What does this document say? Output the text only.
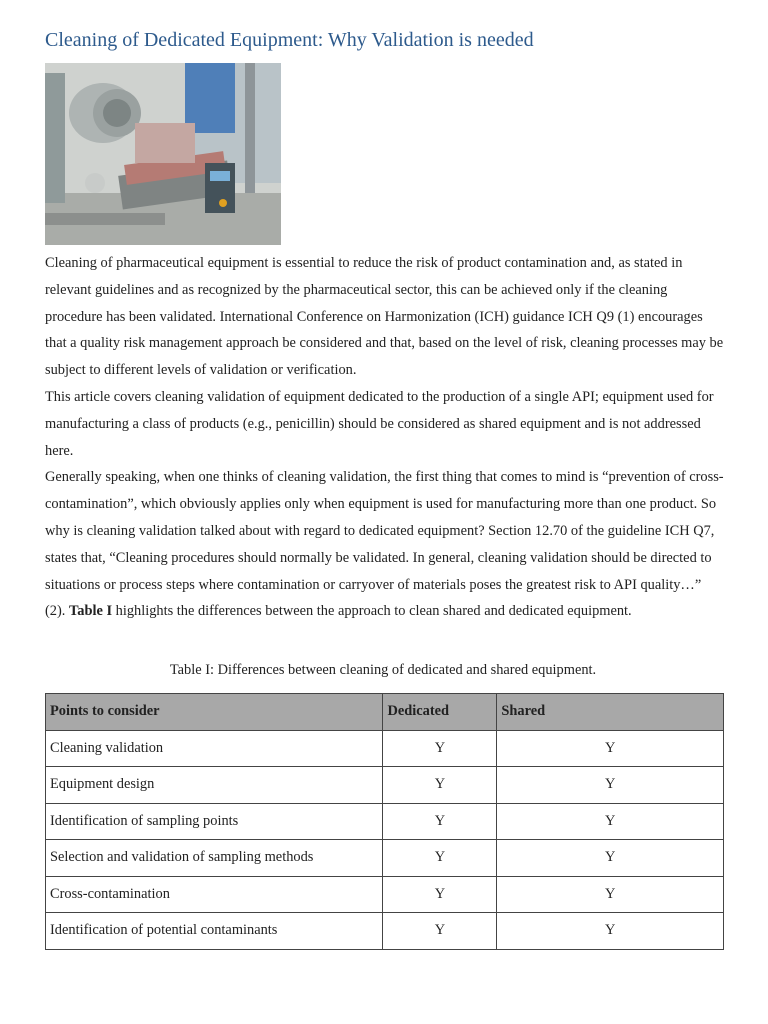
Cleaning of Dedicated Equipment: Why Validation is needed

Cleaning of pharmaceutical equipment is essential to reduce the risk of product contamination and, as stated in relevant guidelines and as recognized by the pharmaceutical sector, this can be achieved only if the cleaning procedure has been validated. International Conference on Harmonization (ICH) guidance ICH Q9 (1) encourages that a quality risk management approach be considered and that, based on the level of risk, cleaning processes may be subject to different levels of validation or verification.

This article covers cleaning validation of equipment dedicated to the production of a single API; equipment used for manufacturing a class of products (e.g., penicillin) should be considered as shared equipment and is not addressed here.

Generally speaking, when one thinks of cleaning validation, the first thing that comes to mind is “prevention of cross-contamination”, which obviously applies only when equipment is used for manufacturing more than one product. So why is cleaning validation talked about with regard to dedicated equipment? Section 12.70 of the guideline ICH Q7, states that, “Cleaning procedures should normally be validated. In general, cleaning validation should be directed to situations or process steps where contamination or carryover of materials poses the greatest risk to API quality…” (2). Table I highlights the differences between the approach to clean shared and dedicated equipment.

Table I: Differences between cleaning of dedicated and shared equipment.

Points to consider	Dedicated	Shared
Cleaning validation	Y	Y
Equipment design	Y	Y
Identification of sampling points	Y	Y
Selection and validation of sampling methods	Y	Y
Cross-contamination	Y	Y
Identification of potential contaminants	Y	Y
